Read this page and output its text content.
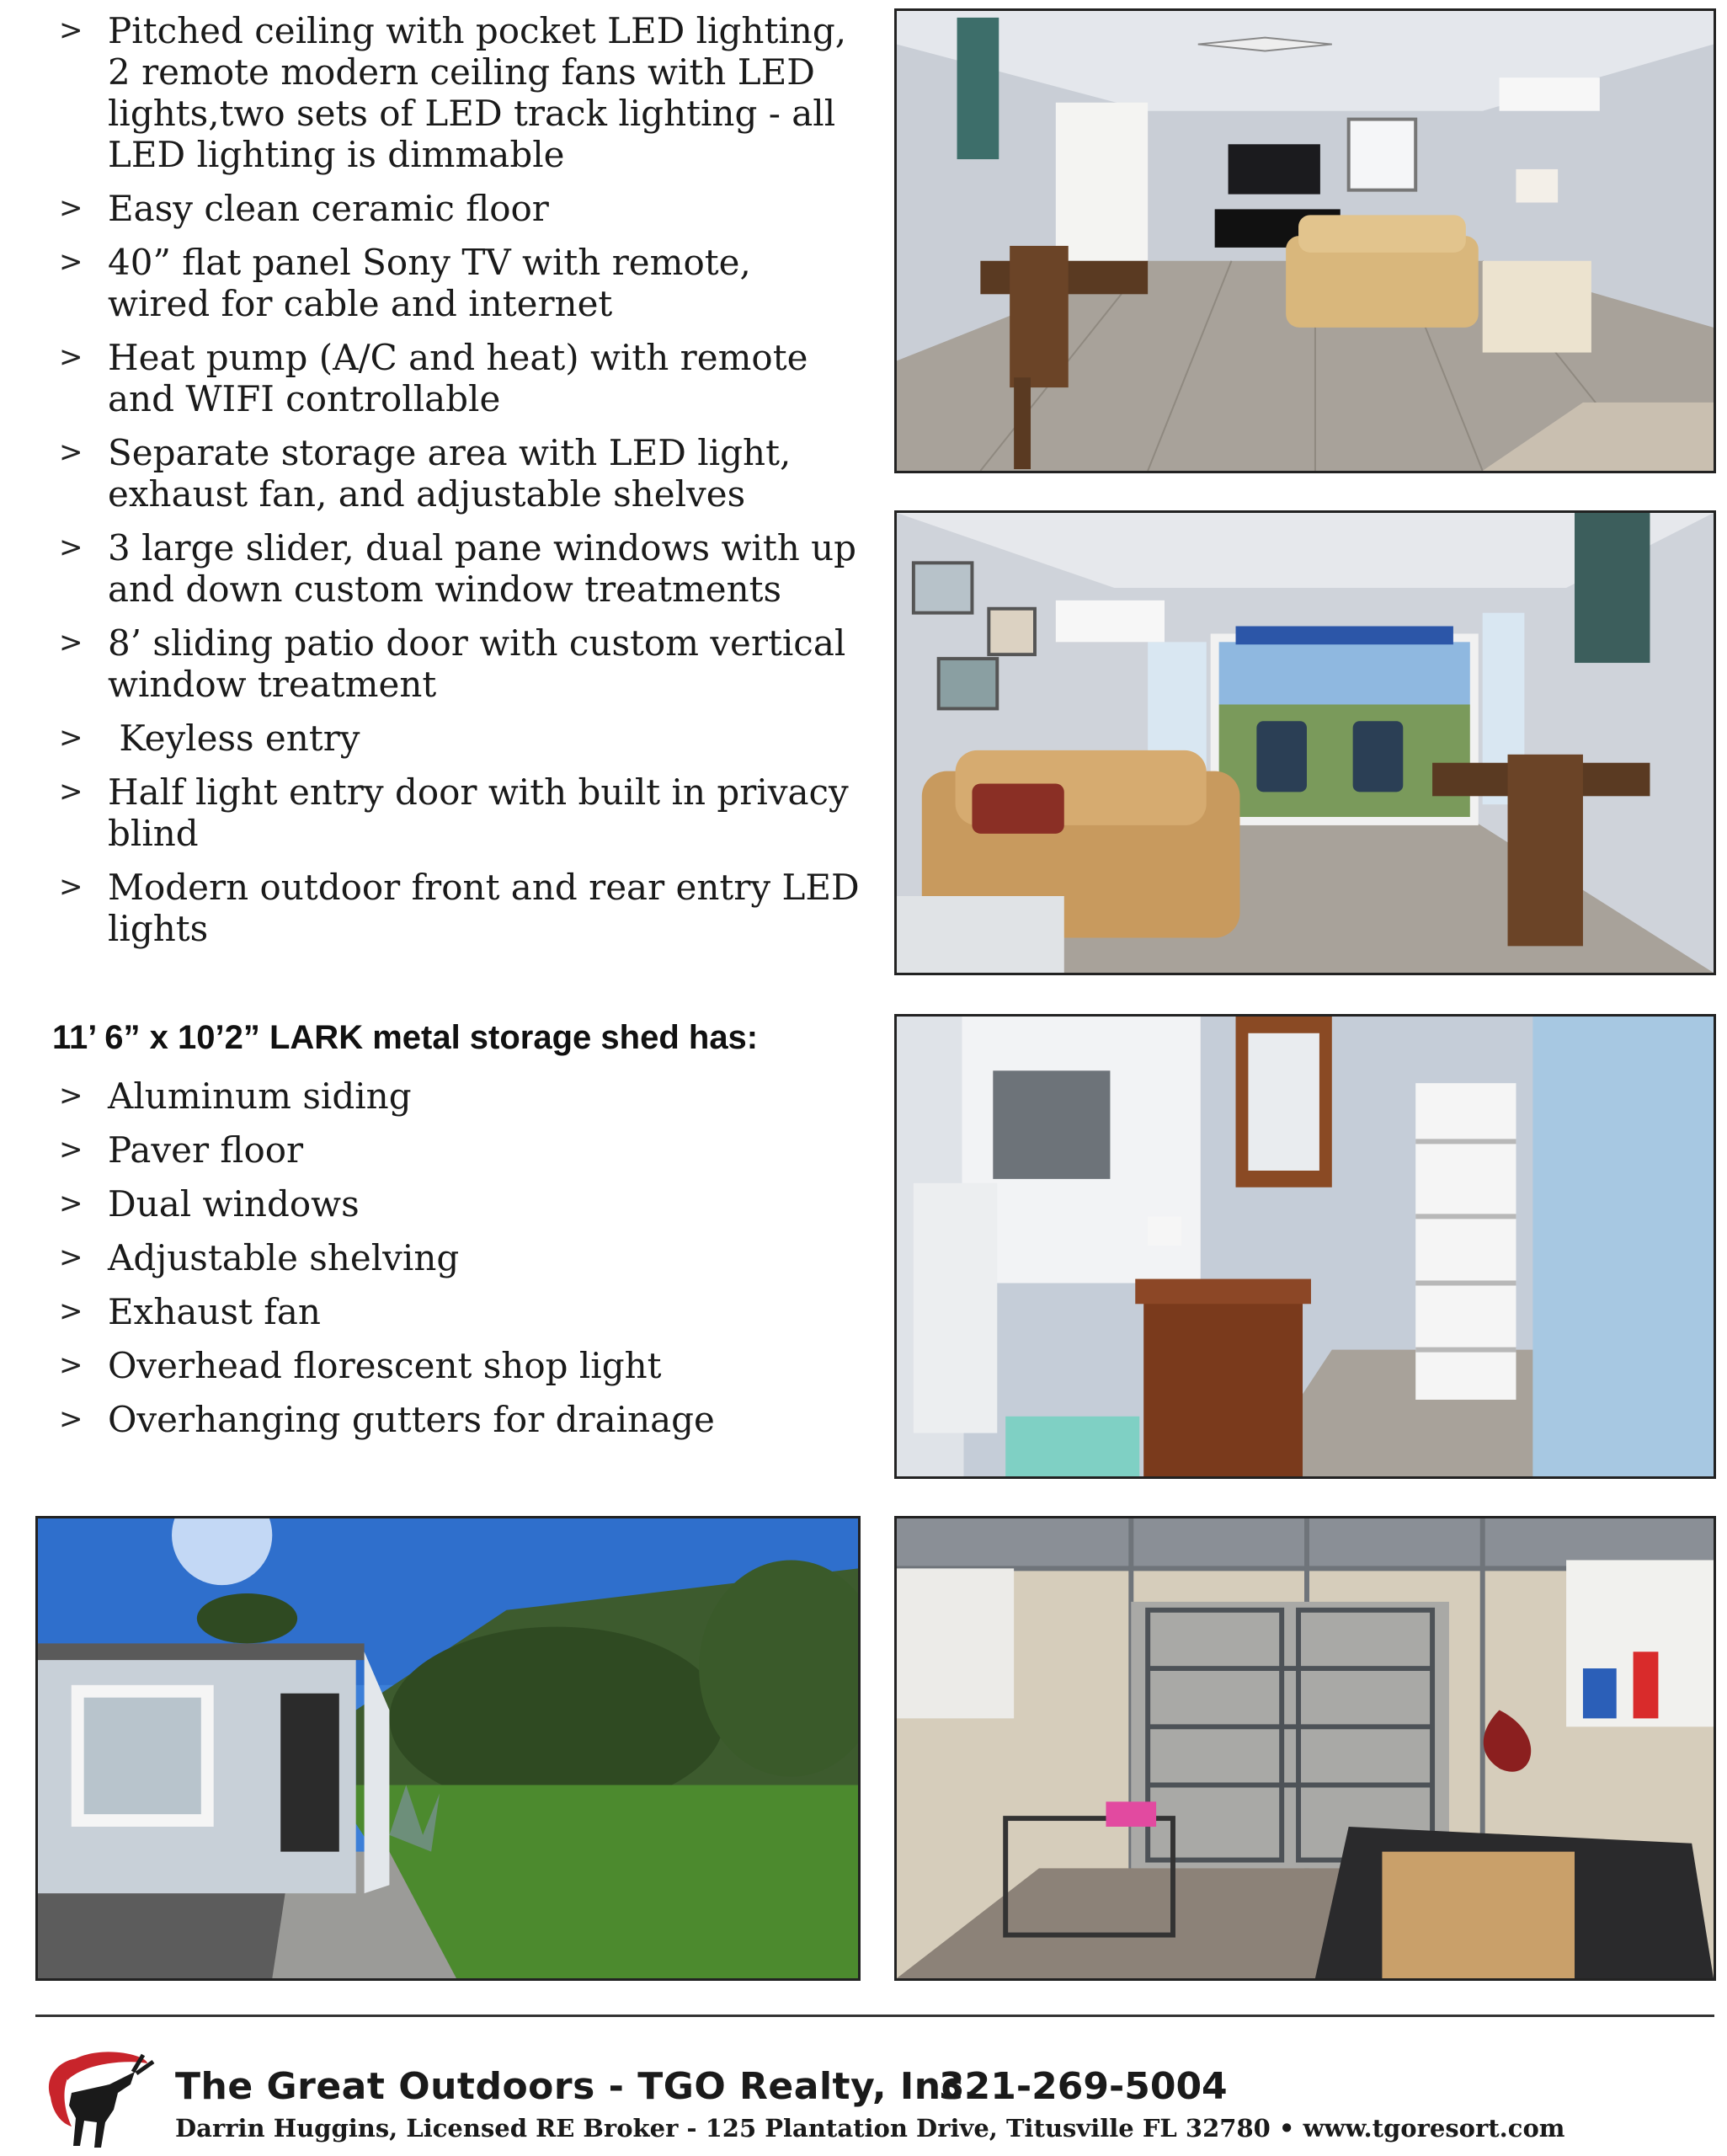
> Pitched ceiling with pocket LED lighting, 2 remote modern ceiling fans with LED lights,two sets of LED track lighting - all LED lighting is dimmable
> Easy clean ceramic floor
> 40” flat panel Sony TV with remote, wired for cable and internet
> Heat pump (A/C and heat) with remote and WIFI controllable
> Separate storage area with LED light, exhaust fan, and adjustable shelves
> 3 large slider, dual pane windows with up and down custom window treatments
> 8’ sliding patio door with custom vertical window treatment
> Keyless entry
> Half light entry door with built in privacy blind
> Modern outdoor front and rear entry LED lights
11’ 6” x 10’2” LARK metal storage shed has:
> Aluminum siding
> Paver floor
> Dual windows
> Adjustable shelving
> Exhaust fan
> Overhead florescent shop light
> Overhanging gutters for drainage
The Great Outdoors - TGO Realty, Inc.
321-269-5004
Darrin Huggins, Licensed RE Broker - 125 Plantation Drive, Titusville FL 32780 • www.tgoresort.com
